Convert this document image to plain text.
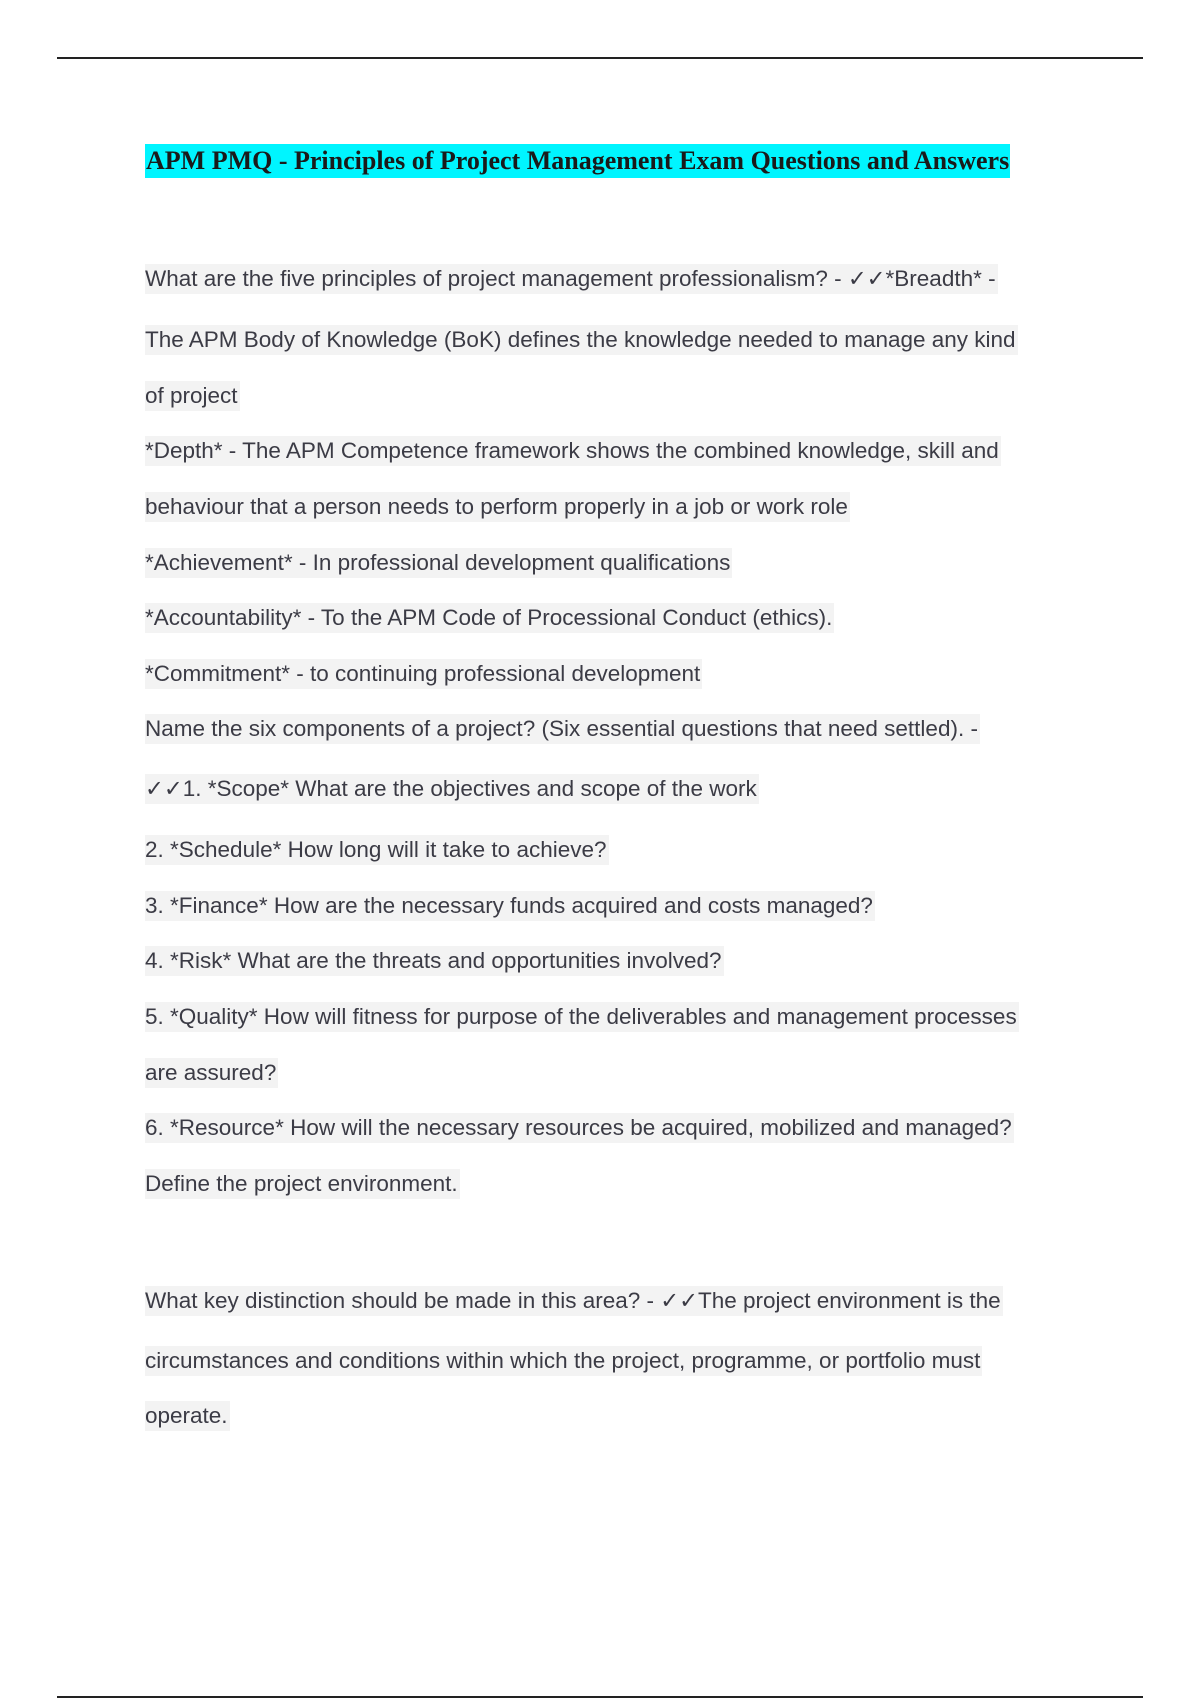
APM PMQ - Principles of Project Management Exam Questions and Answers
What are the five principles of project management professionalism? - ✓✓*Breadth* -
The APM Body of Knowledge (BoK) defines the knowledge needed to manage any kind
of project
*Depth* - The APM Competence framework shows the combined knowledge, skill and
behaviour that a person needs to perform properly in a job or work role
*Achievement* - In professional development qualifications
*Accountability* - To the APM Code of Processional Conduct (ethics).
*Commitment* - to continuing professional development
Name the six components of a project? (Six essential questions that need settled). -
✓✓1. *Scope* What are the objectives and scope of the work
2. *Schedule* How long will it take to achieve?
3. *Finance* How are the necessary funds acquired and costs managed?
4. *Risk* What are the threats and opportunities involved?
5. *Quality* How will fitness for purpose of the deliverables and management processes
are assured?
6. *Resource* How will the necessary resources be acquired, mobilized and managed?
Define the project environment.
What key distinction should be made in this area? - ✓✓The project environment is the
circumstances and conditions within which the project, programme, or portfolio must
operate.
